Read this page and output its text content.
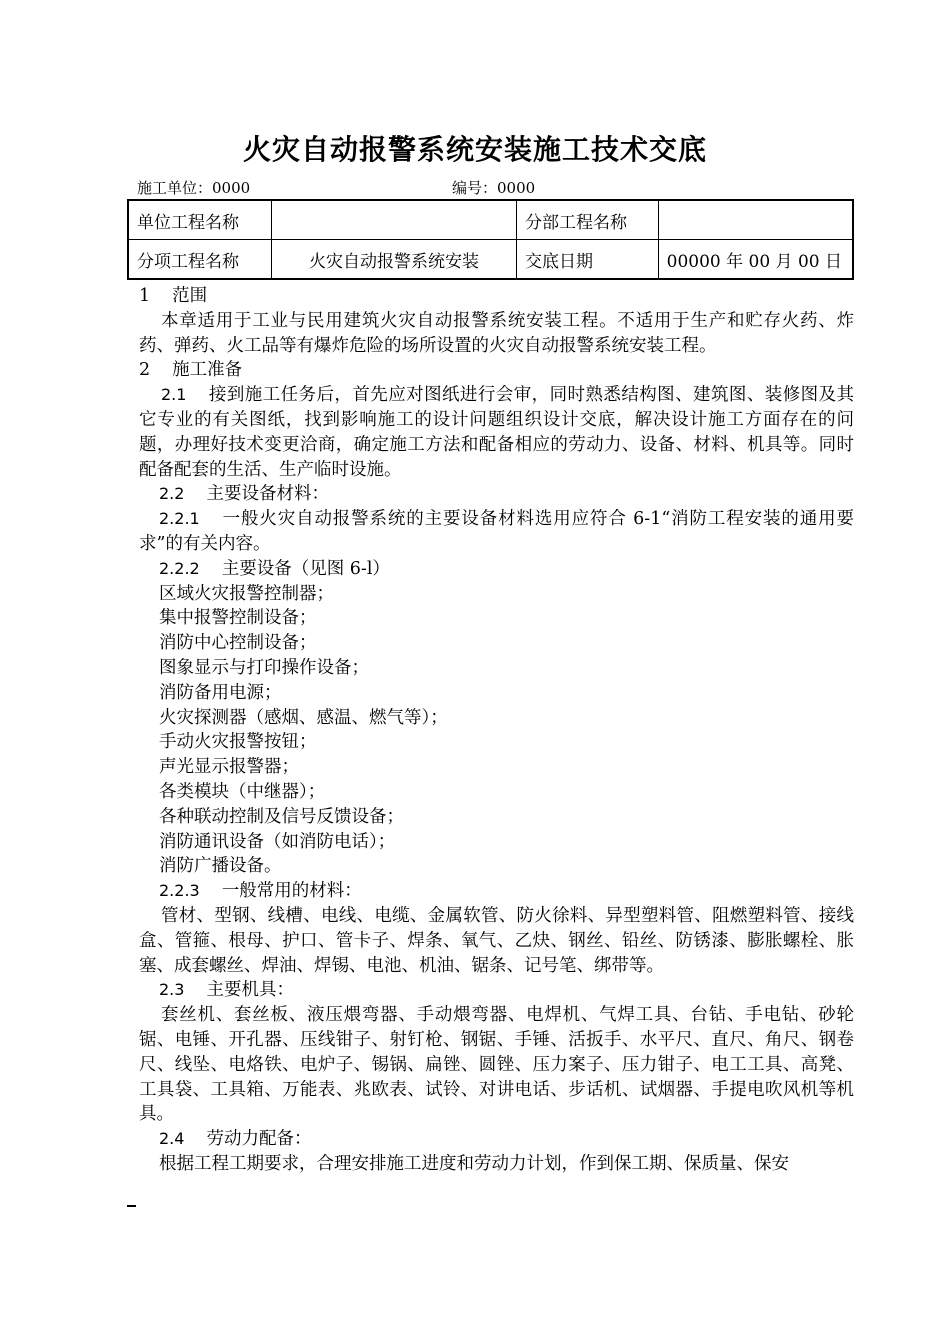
火灾自动报警系统安装施工技术交底
施工单位：0000	编号：0000
单位工程名称		分部工程名称	
分项工程名称	火灾自动报警系统安装	交底日期	00000 年 00 月 00 日

1 范围

本章适用于工业与民用建筑火灾自动报警系统安装工程。不适用于生产和贮存火药、炸药、弹药、火工品等有爆炸危险的场所设置的火灾自动报警系统安装工程。

2 施工准备

2.1 接到施工任务后，首先应对图纸进行会审，同时熟悉结构图、建筑图、装修图及其它专业的有关图纸，找到影响施工的设计问题组织设计交底，解决设计施工方面存在的问题，办理好技术变更洽商，确定施工方法和配备相应的劳动力、设备、材料、机具等。同时配备配套的生活、生产临时设施。

2.2 主要设备材料：

2.2.1 一般火灾自动报警系统的主要设备材料选用应符合 6-1“消防工程安装的通用要求”的有关内容。

2.2.2 主要设备（见图 6-l）

区域火灾报警控制器；

集中报警控制设备；

消防中心控制设备；

图象显示与打印操作设备；

消防备用电源；

火灾探测器（感烟、感温、燃气等）；

手动火灾报警按钮；

声光显示报警器；

各类模块（中继器）；

各种联动控制及信号反馈设备；

消防通讯设备（如消防电话）；

消防广播设备。

2.2.3 一般常用的材料：

管材、型钢、线槽、电线、电缆、金属软管、防火徐料、异型塑料管、阻燃塑料管、接线盒、管箍、根母、护口、管卡子、焊条、氧气、乙炔、钢丝、铅丝、防锈漆、膨胀螺栓、胀塞、成套螺丝、焊油、焊锡、电池、机油、锯条、记号笔、绑带等。

2.3 主要机具：

套丝机、套丝板、液压煨弯器、手动煨弯器、电焊机、气焊工具、台钻、手电钻、砂轮锯、电锤、开孔器、压线钳子、射钉枪、钢锯、手锤、活扳手、水平尺、直尺、角尺、钢卷尺、线坠、电烙铁、电炉子、锡锅、扁锉、圆锉、压力案子、压力钳子、电工工具、高凳、工具袋、工具箱、万能表、兆欧表、试铃、对讲电话、步话机、试烟器、手提电吹风机等机具。

2.4 劳动力配备：

根据工程工期要求，合理安排施工进度和劳动力计划，作到保工期、保质量、保安
